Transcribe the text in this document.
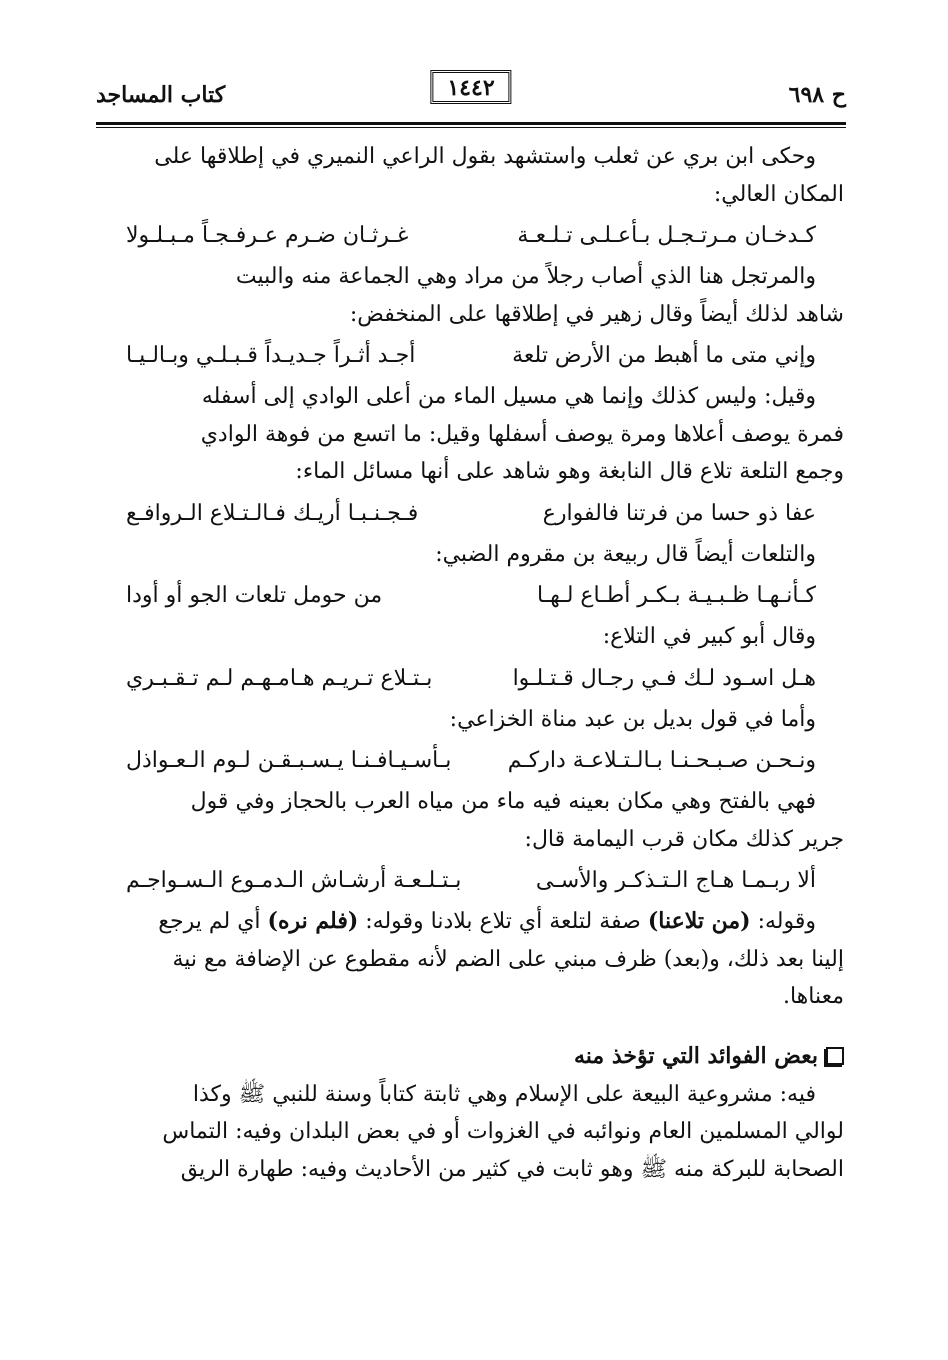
ح ٦٩٨
١٤٤٢
كتاب المساجد
وحكى ابن بري عن ثعلب واستشهد بقول الراعي النميري في إطلاقها على
المكان العالي:
كـدخـان مـرتـجـل بـأعـلـى تـلـعـة
غـرثـان ضـرم عـرفـجـاً مـبـلـولا
والمرتجل هنا الذي أصاب رجلاً من مراد وهي الجماعة منه والبيت
شاهد لذلك أيضاً وقال زهير في إطلاقها على المنخفض:
وإني متى ما أهبط من الأرض تلعة
أجـد أثـراً جـديـداً قـبـلـي وبـالـيـا
وقيل: وليس كذلك وإنما هي مسيل الماء من أعلى الوادي إلى أسفله
فمرة يوصف أعلاها ومرة يوصف أسفلها وقيل: ما اتسع من فوهة الوادي
وجمع التلعة تلاع قال النابغة وهو شاهد على أنها مسائل الماء:
عفا ذو حسا من فرتنا فالفوارع
فـجـنـبـا أريـك فـالـتـلاع الـروافـع
والتلعات أيضاً قال ربيعة بن مقروم الضبي:
كـأنـهـا ظـبـيـة بـكـر أطـاع لـهـا
من حومل تلعات الجو أو أودا
وقال أبو كبير في التلاع:
هـل اسـود لـك فـي رجـال قـتـلـوا
بـتـلاع تـريـم هـامـهـم لـم تـقـبـري
وأما في قول بديل بن عبد مناة الخزاعي:
ونـحـن صـبـحـنـا بـالـتـلاعـة داركـم
بـأسـيـافـنـا يـسـبـقـن لـوم الـعـواذل
فهي بالفتح وهي مكان بعينه فيه ماء من مياه العرب بالحجاز وفي قول
جرير كذلك مكان قرب اليمامة قال:
ألا ربـمـا هـاج الـتـذكـر والأسـى
بـتـلـعـة أرشـاش الـدمـوع الـسـواجـم
وقوله: (من تلاعنا) صفة لتلعة أي تلاع بلادنا وقوله: (فلم نره) أي لم يرجع
إلينا بعد ذلك، و(بعد) ظرف مبني على الضم لأنه مقطوع عن الإضافة مع نية
معناها.
بعض الفوائد التي تؤخذ منه
فيه: مشروعية البيعة على الإسلام وهي ثابتة كتاباً وسنة للنبي ﷺ وكذا
لوالي المسلمين العام ونوائبه في الغزوات أو في بعض البلدان وفيه: التماس
الصحابة للبركة منه ﷺ وهو ثابت في كثير من الأحاديث وفيه: طهارة الريق
